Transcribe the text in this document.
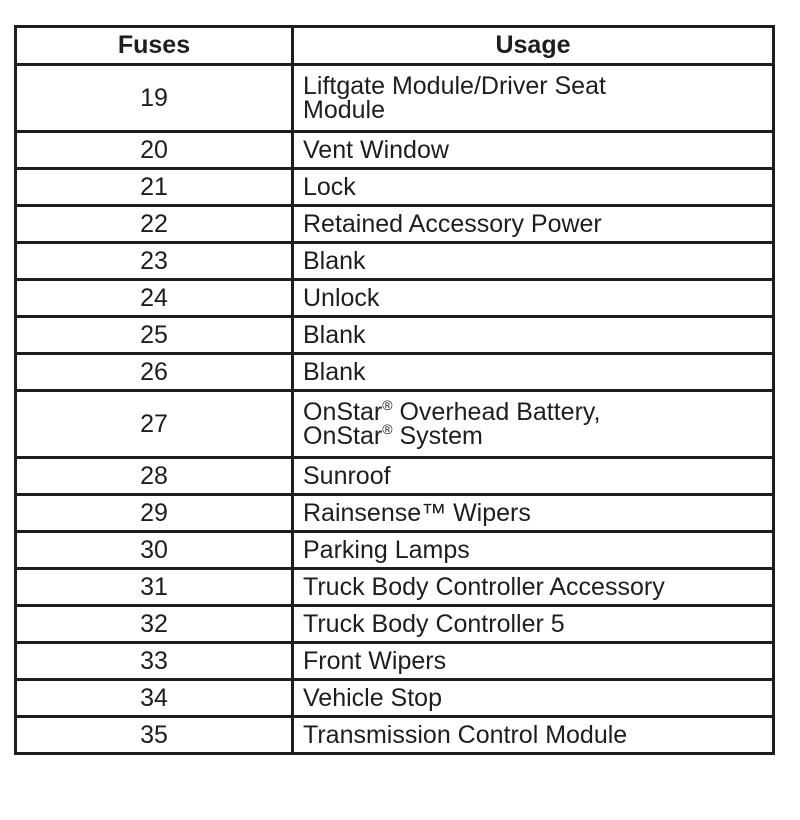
Fuses	Usage
19	Liftgate Module/Driver Seat
Module
20	Vent Window
21	Lock
22	Retained Accessory Power
23	Blank
24	Unlock
25	Blank
26	Blank
27	OnStar® Overhead Battery,
OnStar® System
28	Sunroof
29	Rainsense™ Wipers
30	Parking Lamps
31	Truck Body Controller Accessory
32	Truck Body Controller 5
33	Front Wipers
34	Vehicle Stop
35	Transmission Control Module
